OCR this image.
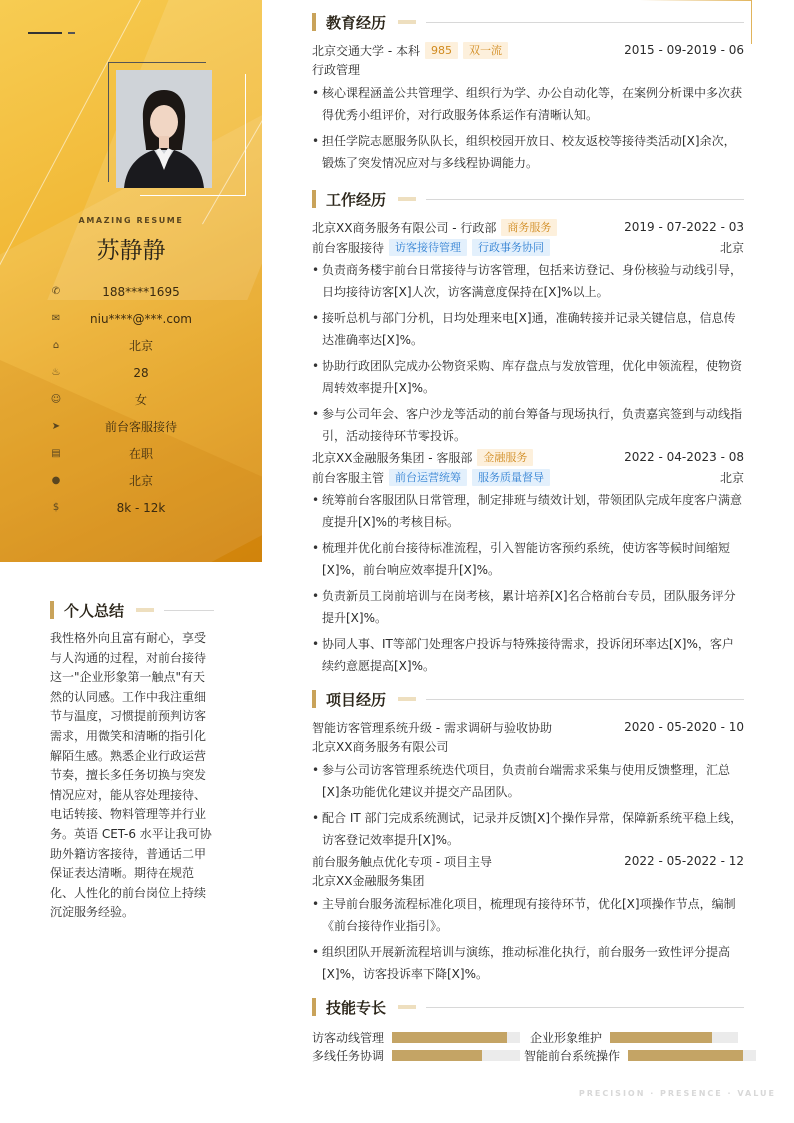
AMAZING RESUME
苏静静
✆	188****1695
✉	niu****@***.com
⌂	北京
♨	28
☺	女
➤	前台客服接待
▤	在职
●	北京
$	8k - 12k
个人总结
我性格外向且富有耐心，享受与人沟通的过程，对前台接待这一"企业形象第一触点"有天然的认同感。工作中我注重细节与温度，习惯提前预判访客需求，用微笑和清晰的指引化解陌生感。熟悉企业行政运营节奏，擅长多任务切换与突发情况应对，能从容处理接待、电话转接、物料管理等并行业务。英语 CET-6 水平让我可协助外籍访客接待，普通话二甲保证表达清晰。期待在规范化、人性化的前台岗位上持续沉淀服务经验。
教育经历
北京交通大学 - 本科	985	双一流	2015 - 09-2019 - 06
行政管理
• 核心课程涵盖公共管理学、组织行为学、办公自动化等，在案例分析课中多次获得优秀小组评价，对行政服务体系运作有清晰认知。
• 担任学院志愿服务队队长，组织校园开放日、校友返校等接待类活动[X]余次，锻炼了突发情况应对与多线程协调能力。
工作经历
北京XX商务服务有限公司 - 行政部	商务服务	2019 - 07-2022 - 03
前台客服接待	访客接待管理	行政事务协同	北京
• 负责商务楼宇前台日常接待与访客管理，包括来访登记、身份核验与动线引导，日均接待访客[X]人次，访客满意度保持在[X]%以上。
• 接听总机与部门分机，日均处理来电[X]通，准确转接并记录关键信息，信息传达准确率达[X]%。
• 协助行政团队完成办公物资采购、库存盘点与发放管理，优化申领流程，使物资周转效率提升[X]%。
• 参与公司年会、客户沙龙等活动的前台筹备与现场执行，负责嘉宾签到与动线指引，活动接待环节零投诉。
北京XX金融服务集团 - 客服部	金融服务	2022 - 04-2023 - 08
前台客服主管	前台运营统筹	服务质量督导	北京
• 统筹前台客服团队日常管理，制定排班与绩效计划，带领团队完成年度客户满意度提升[X]%的考核目标。
• 梳理并优化前台接待标准流程，引入智能访客预约系统，使访客等候时间缩短[X]%，前台响应效率提升[X]%。
• 负责新员工岗前培训与在岗考核，累计培养[X]名合格前台专员，团队服务评分提升[X]%。
• 协同人事、IT等部门处理客户投诉与特殊接待需求，投诉闭环率达[X]%，客户续约意愿提高[X]%。
项目经历
智能访客管理系统升级 - 需求调研与验收协助	2020 - 05-2020 - 10
北京XX商务服务有限公司
• 参与公司访客管理系统迭代项目，负责前台端需求采集与使用反馈整理，汇总[X]条功能优化建议并提交产品团队。
• 配合 IT 部门完成系统测试，记录并反馈[X]个操作异常，保障新系统平稳上线，访客登记效率提升[X]%。
前台服务触点优化专项 - 项目主导	2022 - 05-2022 - 12
北京XX金融服务集团
• 主导前台服务流程标准化项目，梳理现有接待环节，优化[X]项操作节点，编制《前台接待作业指引》。
• 组织团队开展新流程培训与演练，推动标准化执行，前台服务一致性评分提高[X]%，访客投诉率下降[X]%。
技能专长
访客动线管理	企业形象维护
多线任务协调	智能前台系统操作
PRECISION · PRESENCE · VALUE
